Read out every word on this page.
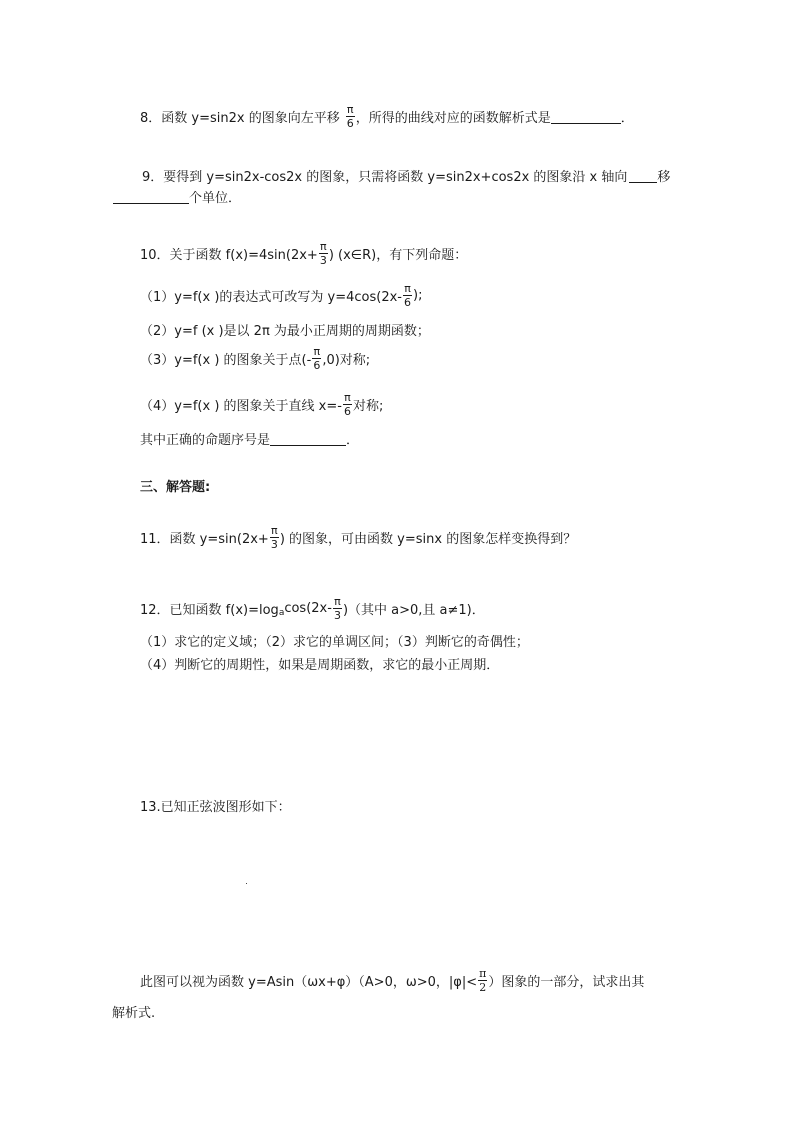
8． 函数 y=sin2x 的图象向左平移 $\frac{\pi}{6}$ ，所得的曲线对应的函数解析式是	．
9． 要得到 y=sin2x-cos2x 的图象，只需将函数 y=sin2x+cos2x 的图象沿 x 轴向 移
个单位．
10． 关于函数 $f(x)=4\sin(2x+ \frac{\pi}{3}$ ) (x∈R)，有下列命题：
（1）y=f(x )的表达式可改写为 $y=4\cos(2x- \frac{\pi}{6}$ );
（2）y=f (x )是以 2π 为最小正周期的周期函数；
（3）y=f(x ) 的图象关于点(- $\frac{\pi}{6} ,0$)对称;
（4）y=f(x ) 的图象关于直线 $x=- \frac{\pi}{6}$ 对称;
其中正确的命题序号是	．
三、解答题:
11． 函数 $y=\sin(2x+ \frac{\pi}{3}$ ) 的图象，可由函数 y=sinx 的图象怎样变换得到？
12． 已知函数 f(x)=log a $\cos(2x- \frac{\pi}{3}$ )（其中 a>0,且 a≠1)．
（1）求它的定义域；（2）求它的单调区间；（3）判断它的奇偶性；
（4）判断它的周期性，如果是周期函数，求它的最小正周期．
13.已知正弦波图形如下：
此图可以视为函数 y=Asin（ωx+φ）（A>0，ω>0，$|\varphi|< \frac{\pi}{2}$ ）图象的一部分，试求出其
解析式.
